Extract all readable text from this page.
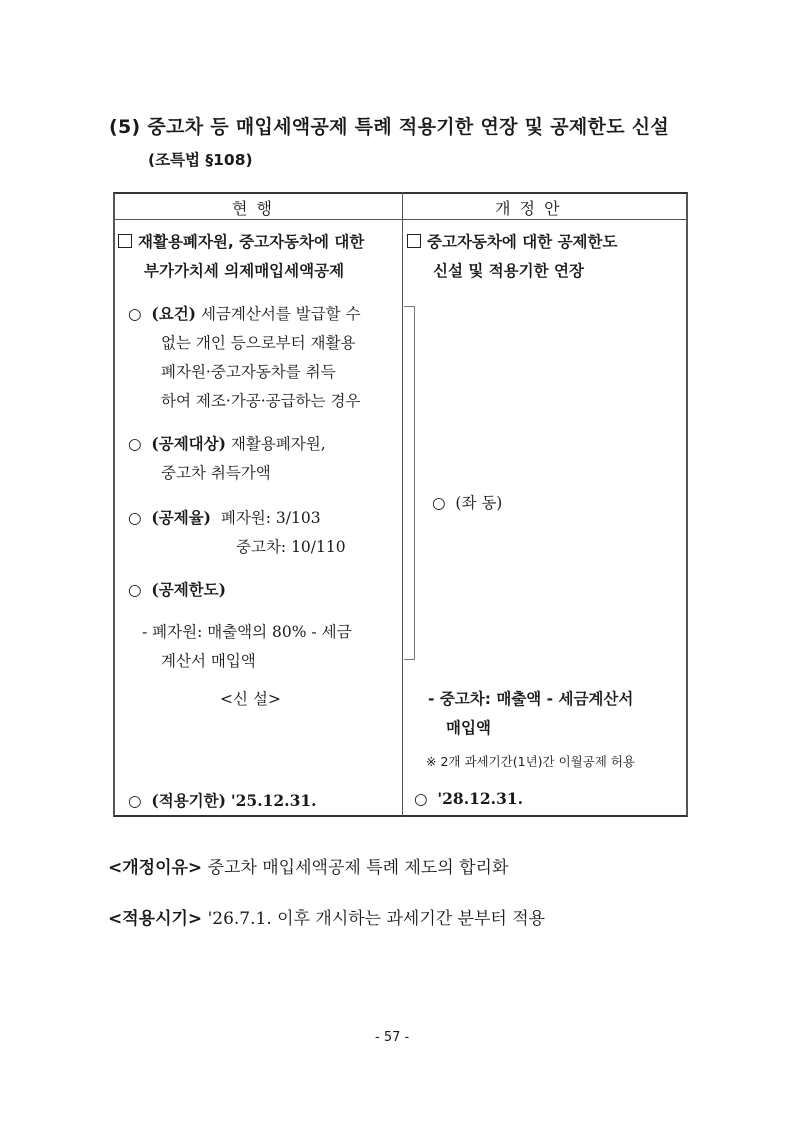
(5) 중고차 등 매입세액공제 특례 적용기한 연장 및 공제한도 신설
(조특법 §108)
현 행	개 정 안
재활용폐자원, 중고자동차에 대한
부가가치세 의제매입세액공제
○ (요건) 세금계산서를 발급할 수
없는 개인 등으로부터 재활용
폐자원·중고자동차를 취득
하여 제조·가공·공급하는 경우
○ (공제대상) 재활용폐자원,
중고차 취득가액
○ (공제율) 폐자원: 3/103
중고차: 10/110
○ (공제한도)
- 폐자원: 매출액의 80% - 세금
계산서 매입액
<신 설>
○ (적용기한) '25.12.31.
중고자동차에 대한 공제한도
신설 및 적용기한 연장
○ (좌 동)
- 중고차: 매출액 - 세금계산서
매입액
※ 2개 과세기간(1년)간 이월공제 허용
○ '28.12.31.
<개정이유> 중고차 매입세액공제 특례 제도의 합리화
<적용시기> '26.7.1. 이후 개시하는 과세기간 분부터 적용
- 57 -
